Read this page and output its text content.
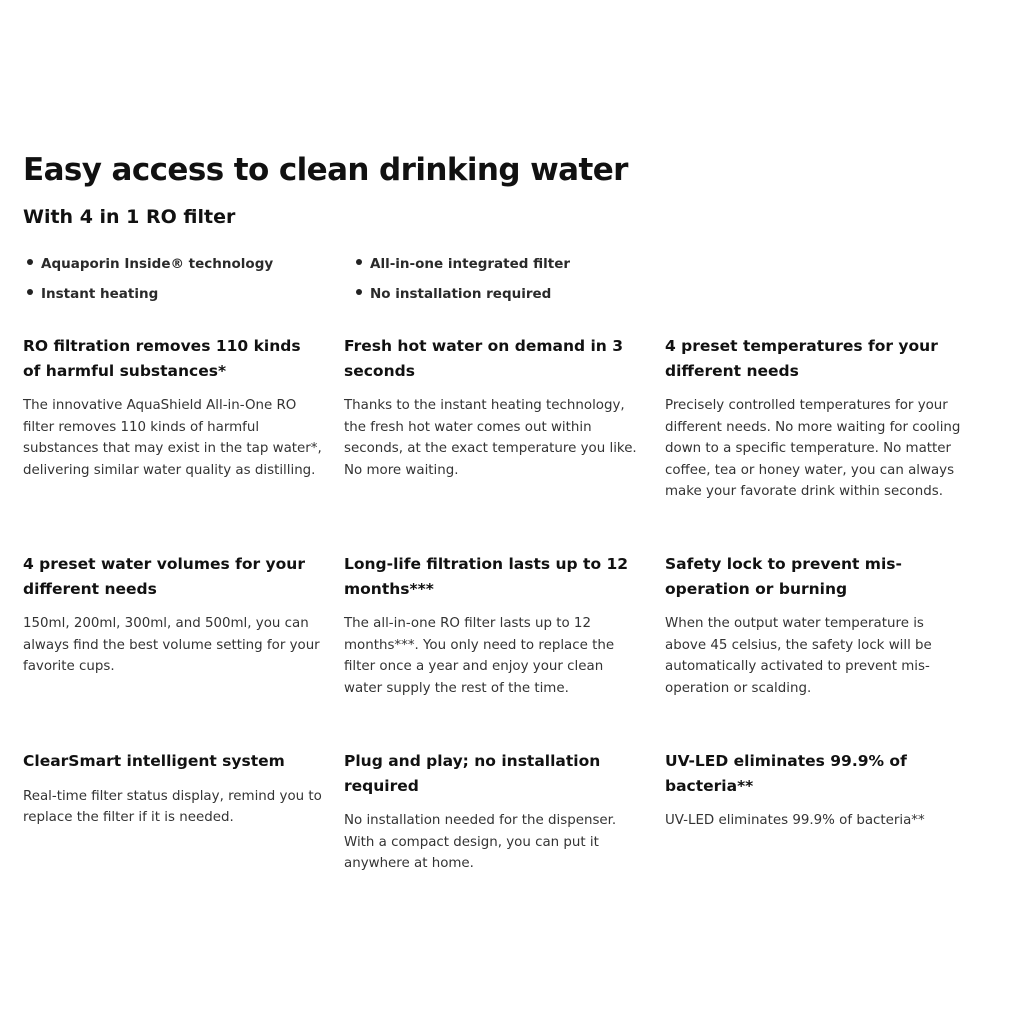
Easy access to clean drinking water
With 4 in 1 RO filter
Aquaporin Inside® technology	All-in-one integrated filter
Instant heating	No installation required
RO filtration removes 110 kinds of harmful substances*

The innovative AquaShield All-in-One RO filter removes 110 kinds of harmful substances that may exist in the tap water*, delivering similar water quality as distilling.

Fresh hot water on demand in 3 seconds

Thanks to the instant heating technology, the fresh hot water comes out within seconds, at the exact temperature you like. No more waiting.

4 preset temperatures for your different needs

Precisely controlled temperatures for your different needs. No more waiting for cooling down to a specific temperature. No matter coffee, tea or honey water, you can always make your favorate drink within seconds.

4 preset water volumes for your different needs

150ml, 200ml, 300ml, and 500ml, you can always find the best volume setting for your favorite cups.

Long-life filtration lasts up to 12 months***

The all-in-one RO filter lasts up to 12 months***. You only need to replace the filter once a year and enjoy your clean water supply the rest of the time.

Safety lock to prevent mis-operation or burning

When the output water temperature is above 45 celsius, the safety lock will be automatically activated to prevent mis-operation or scalding.

ClearSmart intelligent system

Real-time filter status display, remind you to replace the filter if it is needed.

Plug and play; no installation required

No installation needed for the dispenser. With a compact design, you can put it anywhere at home.

UV-LED eliminates 99.9% of bacteria**

UV-LED eliminates 99.9% of bacteria**
